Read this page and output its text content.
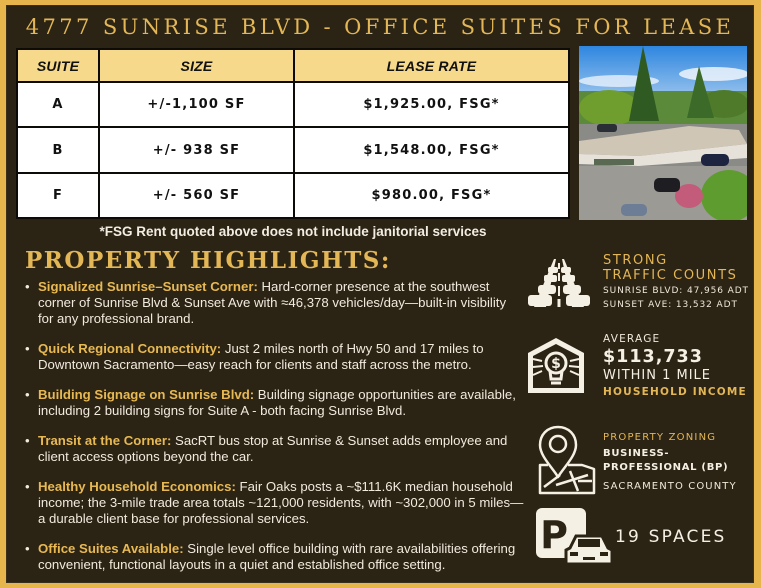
4777 SUNRISE BLVD - OFFICE SUITES FOR LEASE
SUITE	SIZE	LEASE RATE
A	+/-1,100 SF	$1,925.00, FSG*
B	+/- 938 SF	$1,548.00, FSG*
F	+/- 560 SF	$980.00, FSG*
*FSG Rent quoted above does not include janitorial services
PROPERTY HIGHLIGHTS:
• Signalized Sunrise–Sunset Corner: Hard-corner presence at the southwest corner of Sunrise Blvd & Sunset Ave with ≈46,378 vehicles/day—built-in visibility for any professional brand.
• Quick Regional Connectivity: Just 2 miles north of Hwy 50 and 17 miles to Downtown Sacramento—easy reach for clients and staff across the metro.
• Building Signage on Sunrise Blvd: Building signage opportunities are available, including 2 building signs for Suite A - both facing Sunrise Blvd.
• Transit at the Corner: SacRT bus stop at Sunrise & Sunset adds employee and client access options beyond the car.
• Healthy Household Economics: Fair Oaks posts a ~$111.6K median household income; the 3-mile trade area totals ~121,000 residents, with ~302,000 in 5 miles—a durable client base for professional services.
• Office Suites Available: Single level office building with rare availabilities offering convenient, functional layouts in a quiet and established office setting.
STRONG
TRAFFIC COUNTS
SUNRISE BLVD: 47,956 ADT
SUNSET AVE: 13,532 ADT
$
AVERAGE
$113,733
WITHIN 1 MILE
HOUSEHOLD INCOME
PROPERTY ZONING
BUSINESS-PROFESSIONAL (BP)
SACRAMENTO COUNTY
P	19 SPACES
